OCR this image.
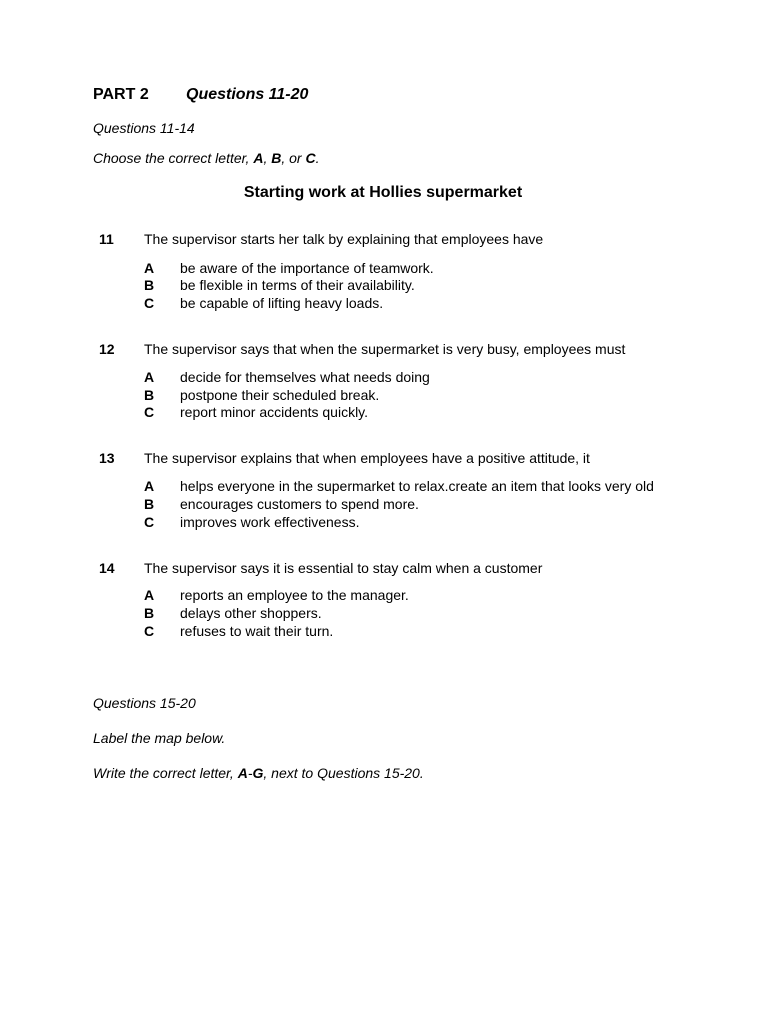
PART 2 Questions 11-20
Questions 11-14
Choose the correct letter, A, B, or C.
Starting work at Hollies supermarket
11 The supervisor starts her talk by explaining that employees have
A be aware of the importance of teamwork.
B be flexible in terms of their availability.
C be capable of lifting heavy loads.
12 The supervisor says that when the supermarket is very busy, employees must
A decide for themselves what needs doing
B postpone their scheduled break.
C report minor accidents quickly.
13 The supervisor explains that when employees have a positive attitude, it
A helps everyone in the supermarket to relax.create an item that looks very old
B encourages customers to spend more.
C improves work effectiveness.
14 The supervisor says it is essential to stay calm when a customer
A reports an employee to the manager.
B delays other shoppers.
C refuses to wait their turn.
Questions 15-20
Label the map below.
Write the correct letter, A-G, next to Questions 15-20.
